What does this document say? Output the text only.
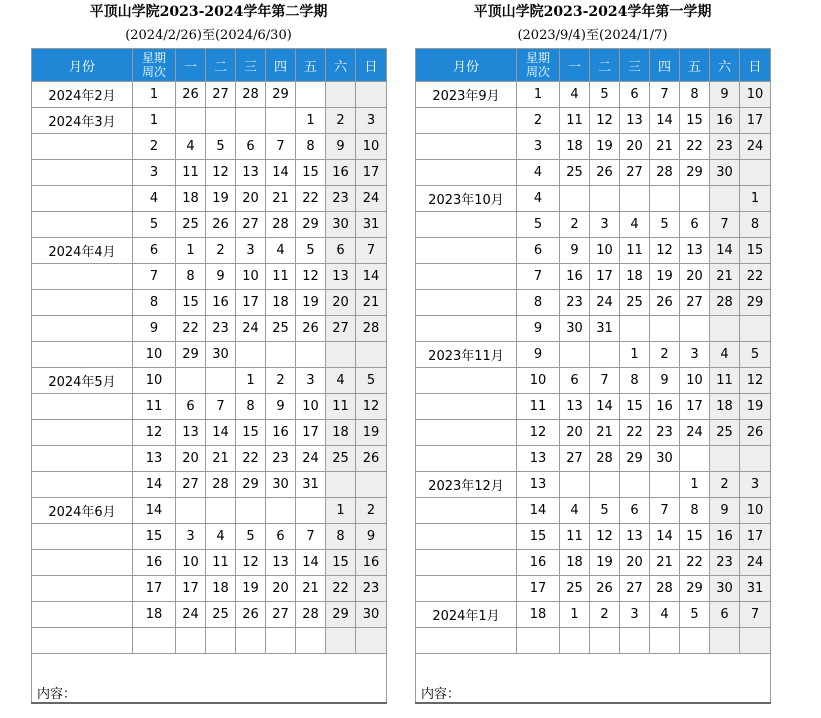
平顶山学院2023-2024学年第二学期
(2024/2/26)至(2024/6/30)
月份	星期
周次	一	二	三	四	五	六	日
2024年2月	1	26	27	28	29			
2024年3月	1					1	2	3
	2	4	5	6	7	8	9	10
	3	11	12	13	14	15	16	17
	4	18	19	20	21	22	23	24
	5	25	26	27	28	29	30	31
2024年4月	6	1	2	3	4	5	6	7
	7	8	9	10	11	12	13	14
	8	15	16	17	18	19	20	21
	9	22	23	24	25	26	27	28
	10	29	30					
2024年5月	10			1	2	3	4	5
	11	6	7	8	9	10	11	12
	12	13	14	15	16	17	18	19
	13	20	21	22	23	24	25	26
	14	27	28	29	30	31		
2024年6月	14						1	2
	15	3	4	5	6	7	8	9
	16	10	11	12	13	14	15	16
	17	17	18	19	20	21	22	23
	18	24	25	26	27	28	29	30

内容：								
平顶山学院2023-2024学年第一学期
(2023/9/4)至(2024/1/7)
月份	星期
周次	一	二	三	四	五	六	日
2023年9月	1	4	5	6	7	8	9	10
	2	11	12	13	14	15	16	17
	3	18	19	20	21	22	23	24
	4	25	26	27	28	29	30	
2023年10月	4							1
	5	2	3	4	5	6	7	8
	6	9	10	11	12	13	14	15
	7	16	17	18	19	20	21	22
	8	23	24	25	26	27	28	29
	9	30	31					
2023年11月	9			1	2	3	4	5
	10	6	7	8	9	10	11	12
	11	13	14	15	16	17	18	19
	12	20	21	22	23	24	25	26
	13	27	28	29	30			
2023年12月	13					1	2	3
	14	4	5	6	7	8	9	10
	15	11	12	13	14	15	16	17
	16	18	19	20	21	22	23	24
	17	25	26	27	28	29	30	31
2024年1月	18	1	2	3	4	5	6	7

内容：								
